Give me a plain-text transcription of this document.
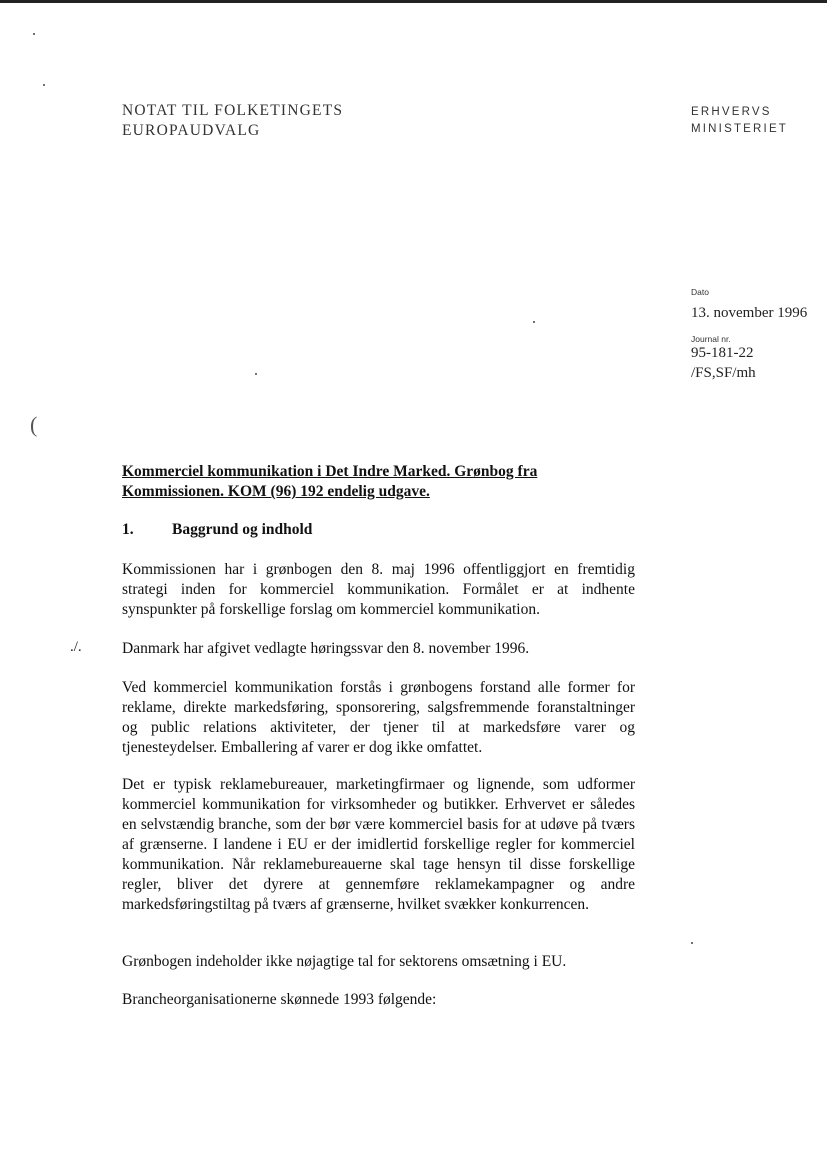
NOTAT TIL FOLKETINGETS
EUROPAUDVALG
ERHVERVS
MINISTERIET
Dato
13. november 1996
Journal nr.
95-181-22
/FS,SF/mh
(
Kommerciel kommunikation i Det Indre Marked. Grønbog fra Kommissionen. KOM (96) 192 endelig udgave.
1. Baggrund og indhold
Kommissionen har i grønbogen den 8. maj 1996 offentliggjort en fremtidig strategi inden for kommerciel kommunikation. Formålet er at indhente synspunkter på forskellige forslag om kommerciel kommunikation.
./.	Danmark har afgivet vedlagte høringssvar den 8. november 1996.
Ved kommerciel kommunikation forstås i grønbogens forstand alle former for reklame, direkte markedsføring, sponsorering, salgsfremmende foranstaltninger og public relations aktiviteter, der tjener til at markedsføre varer og tjenesteydelser. Emballering af varer er dog ikke omfattet.
Det er typisk reklamebureauer, marketingfirmaer og lignende, som udformer kommerciel kommunikation for virksomheder og butikker. Erhvervet er således en selvstændig branche, som der bør være kommerciel basis for at udøve på tværs af grænserne. I landene i EU er der imidlertid forskellige regler for kommerciel kommunikation. Når reklamebureauerne skal tage hensyn til disse forskellige regler, bliver det dyrere at gennemføre reklamekampagner og andre markedsføringstiltag på tværs af grænserne, hvilket svækker konkurrencen.
Grønbogen indeholder ikke nøjagtige tal for sektorens omsætning i EU.
Brancheorganisationerne skønnede 1993 følgende:
